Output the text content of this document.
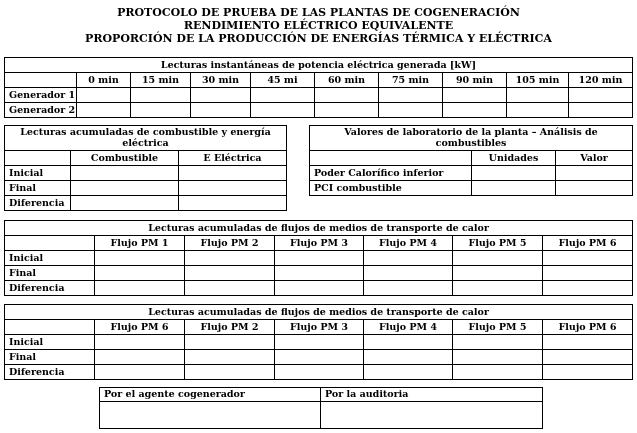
PROTOCOLO DE PRUEBA DE LAS PLANTAS DE COGENERACIÓN
RENDIMIENTO ELÉCTRICO EQUIVALENTE
PROPORCIÓN DE LA PRODUCCIÓN DE ENERGÍAS TÉRMICA Y ELÉCTRICA
Lecturas instantáneas de potencia eléctrica generada [kW]									
	0 min	15 min	30 min	45 mi	60 min	75 min	90 min	105 min	120 min
Generador 1									
Generador 2									
Lecturas acumuladas de combustible y energía eléctrica		
	Combustible	E Eléctrica
Inicial		
Final		
Diferencia		
Valores de laboratorio de la planta – Análisis de combustibles		
	Unidades	Valor
Poder Calorífico inferior		
PCI combustible		
Lecturas acumuladas de flujos de medios de transporte de calor						
	Flujo PM 1	Flujo PM 2	Flujo PM 3	Flujo PM 4	Flujo PM 5	Flujo PM 6
Inicial						
Final						
Diferencia						
Lecturas acumuladas de flujos de medios de transporte de calor						
	Flujo PM 6	Flujo PM 2	Flujo PM 3	Flujo PM 4	Flujo PM 5	Flujo PM 6
Inicial						
Final						
Diferencia						
Por el agente cogenerador	Por la auditoria
